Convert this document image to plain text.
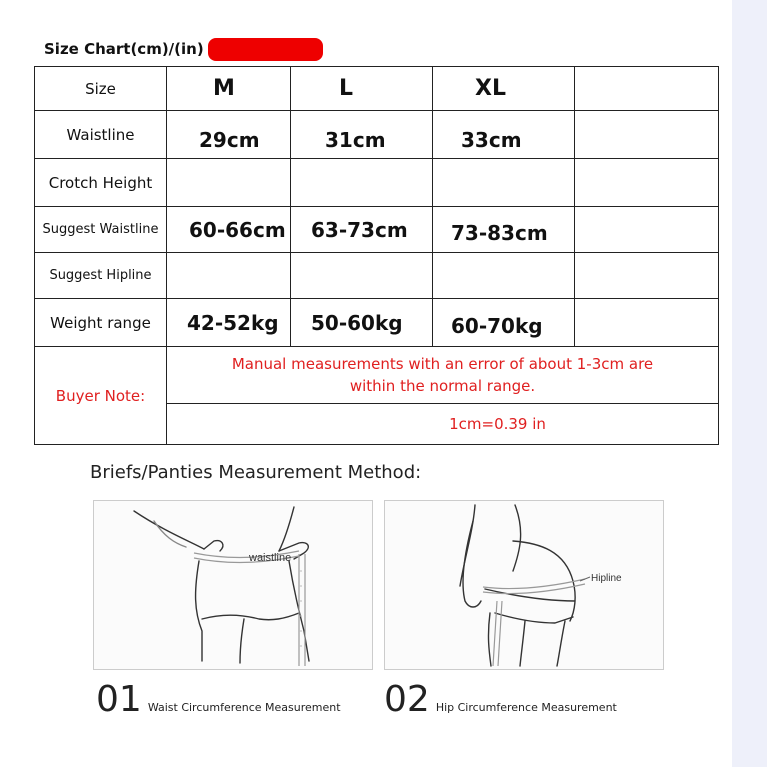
Size Chart(cm)/(in)
Size	M	L	XL	
Waistline	29cm	31cm	33cm	
Crotch Height				
Suggest Waistline	60-66cm	63-73cm	73-83cm	
Suggest Hipline				
Weight range	42-52kg	50-60kg	60-70kg	
Buyer Note:	Manual measurements with an error of about 1-3cm are within the normal range.			
	1cm=0.39 in			
Briefs/Panties Measurement Method:
waistline
Hipline
01 Waist Circumference Measurement 02 Hip Circumference Measurement
